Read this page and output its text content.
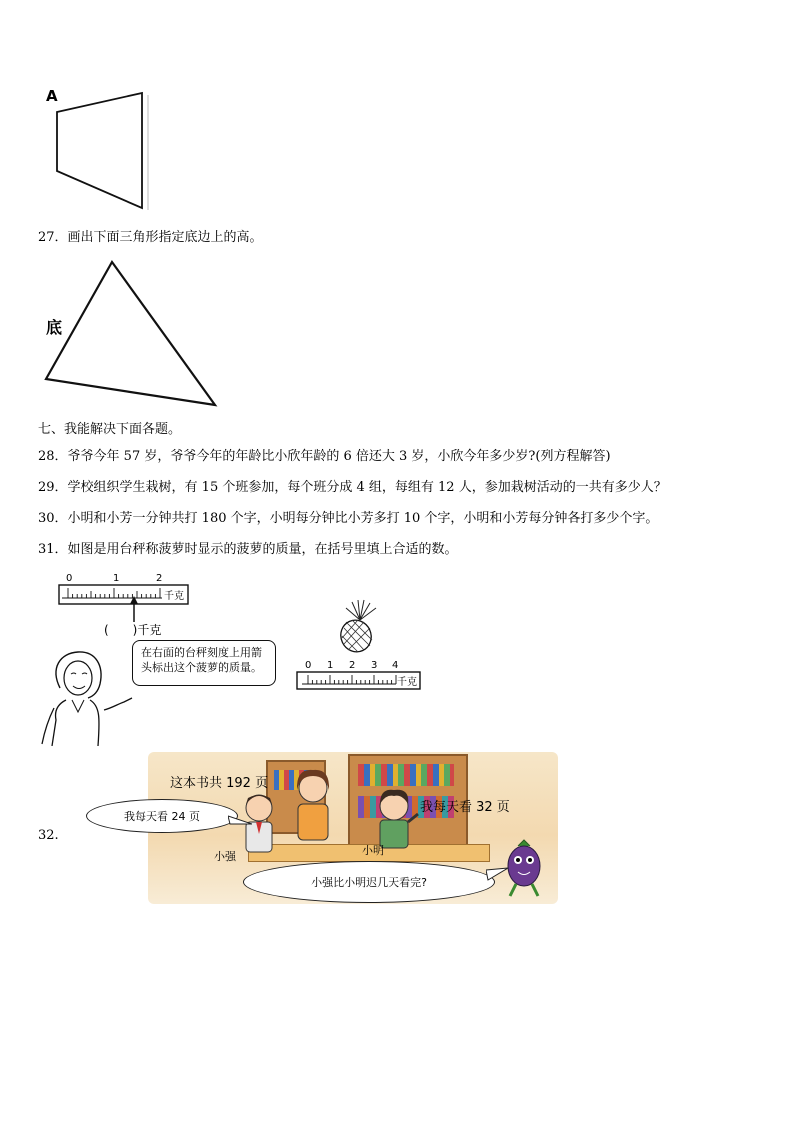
A
27．画出下面三角形指定底边上的高。
底
七、我能解决下面各题。
28．爷爷今年 57 岁，爷爷今年的年龄比小欣年龄的 6 倍还大 3 岁，小欣今年多少岁?(列方程解答)
29．学校组织学生栽树，有 15 个班参加，每个班分成 4 组，每组有 12 人，参加栽树活动的一共有多少人？
30．小明和小芳一分钟共打 180 个字，小明每分钟比小芳多打 10 个字，小明和小芳每分钟各打多少个字。
31．如图是用台秤称菠萝时显示的菠萝的质量，在括号里填上合适的数。
0	1	2
千克
(　　)千克
在右面的台秤刻度上用箭头标出这个菠萝的质量。	0 1 2 3 4
千克
32.
这本书共 192 页
我每天看 32 页
小强	小明
我每天看 24 页
小强比小明迟几天看完?
